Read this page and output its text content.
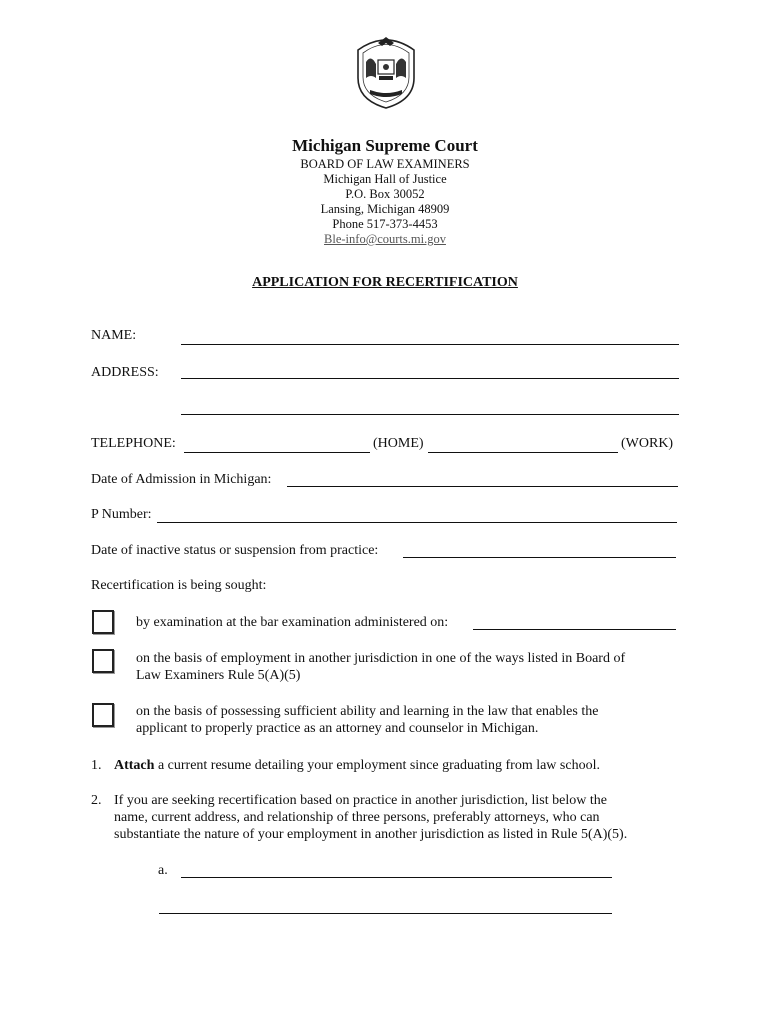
Michigan Supreme Court
BOARD OF LAW EXAMINERS
Michigan Hall of Justice
P.O. Box 30052
Lansing, Michigan 48909
Phone 517-373-4453
Ble-info@courts.mi.gov
APPLICATION FOR RECERTIFICATION
NAME:
ADDRESS:
TELEPHONE:	(HOME)	(WORK)
Date of Admission in Michigan:
P Number:
Date of inactive status or suspension from practice:
Recertification is being sought:
by examination at the bar examination administered on:
on the basis of employment in another jurisdiction in one of the ways listed in Board of
Law Examiners Rule 5(A)(5)
on the basis of possessing sufficient ability and learning in the law that enables the
applicant to properly practice as an attorney and counselor in Michigan.
1. Attach a current resume detailing your employment since graduating from law school.
2. If you are seeking recertification based on practice in another jurisdiction, list below the
name, current address, and relationship of three persons, preferably attorneys, who can
substantiate the nature of your employment in another jurisdiction as listed in Rule 5(A)(5).
a.
